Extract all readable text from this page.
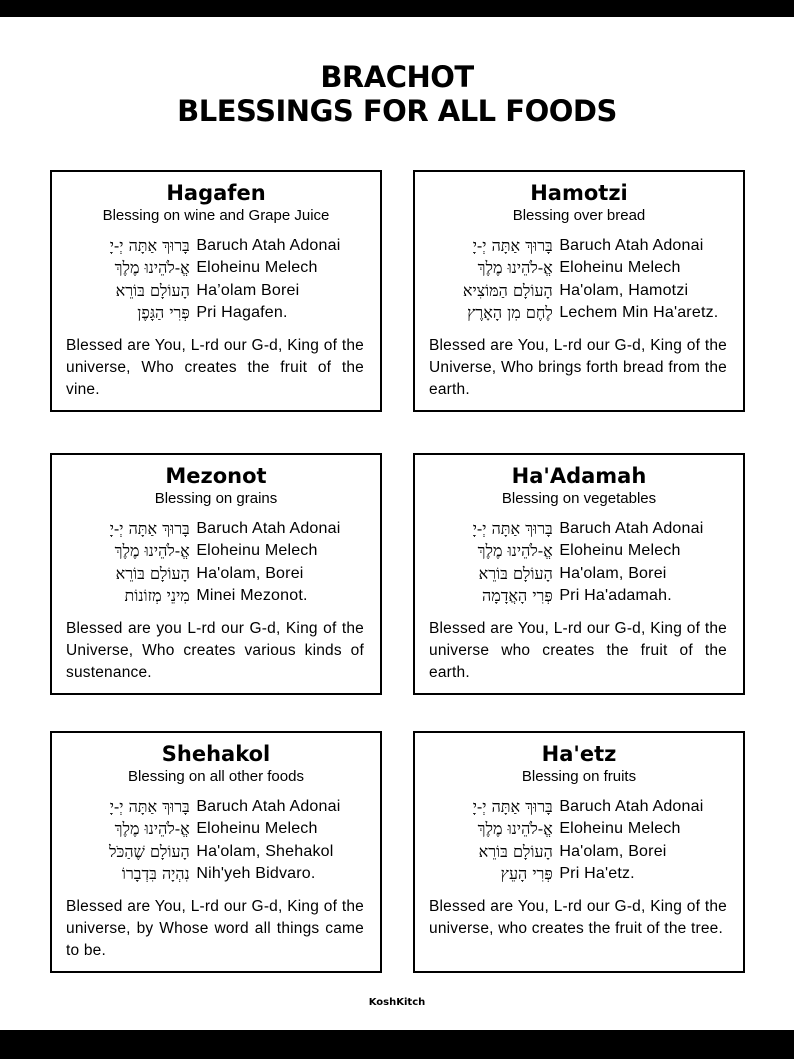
BRACHOT
BLESSINGS FOR ALL FOODS
Hagafen
Blessing on wine and Grape Juice
בָּרוּךְ אַתָּה יְ-יָ Baruch Atah Adonai
אֱ-לֹהֵינוּ מֶלֶךְ Eloheinu Melech
הָעוֹלָם בּוֹרֵא Ha’olam Borei
פְּרִי הַגָּפֶן Pri Hagafen.
Blessed are You, L-rd our G-d, King of the universe, Who creates the fruit of the vine.
Hamotzi
Blessing over bread
בָּרוּךְ אַתָּה יְ-יָ Baruch Atah Adonai
אֱ-לֹהֵינוּ מֶלֶךְ Eloheinu Melech
הָעוֹלָם הַמּוֹצִיא Ha'olam, Hamotzi
לֶחֶם מִן הָאָרֶץ Lechem Min Ha'aretz.
Blessed are You, L-rd our G-d, King of the Universe, Who brings forth bread from the earth.
Mezonot
Blessing on grains
בָּרוּךְ אַתָּה יְ-יָ Baruch Atah Adonai
אֱ-לֹהֵינוּ מֶלֶךְ Eloheinu Melech
הָעוֹלָם בּוֹרֵא Ha'olam, Borei
מִינֵי מְזוֹנוֹת Minei Mezonot.
Blessed are you L-rd our G-d, King of the Universe, Who creates various kinds of sustenance.
Ha'Adamah
Blessing on vegetables
בָּרוּךְ אַתָּה יְ-יָ Baruch Atah Adonai
אֱ-לֹהֵינוּ מֶלֶךְ Eloheinu Melech
הָעוֹלָם בּוֹרֵא Ha'olam, Borei
פְּרִי הָאֲדָמָה Pri Ha'adamah.
Blessed are You, L-rd our G-d, King of the universe who creates the fruit of the earth.
Shehakol
Blessing on all other foods
בָּרוּךְ אַתָּה יְ-יָ Baruch Atah Adonai
אֱ-לֹהֵינוּ מֶלֶךְ Eloheinu Melech
הָעוֹלָם שֶׁהַכֹּל Ha'olam, Shehakol
נִהְיָה בִּדְבָרוֹ Nih'yeh Bidvaro.
Blessed are You, L-rd our G-d, King of the universe, by Whose word all things came to be.
Ha'etz
Blessing on fruits
בָּרוּךְ אַתָּה יְ-יָ Baruch Atah Adonai
אֱ-לֹהֵינוּ מֶלֶךְ Eloheinu Melech
הָעוֹלָם בּוֹרֵא Ha'olam, Borei
פְּרִי הָעֵץ Pri Ha'etz.
Blessed are You, L-rd our G-d, King of the universe, who creates the fruit of the tree.
KoshKitch
